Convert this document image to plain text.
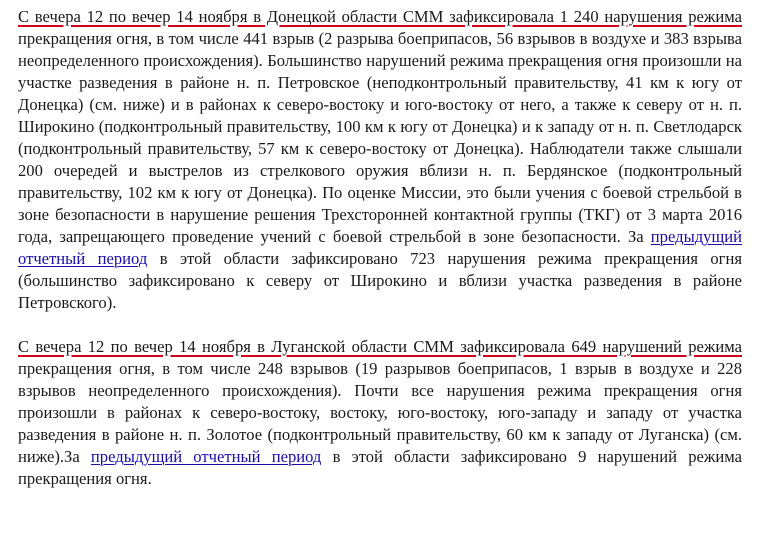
С вечера 12 по вечер 14 ноября в Донецкой области СММ зафиксировала 1 240 нарушения режима прекращения огня, в том числе 441 взрыв (2 разрыва боеприпасов, 56 взрывов в воздухе и 383 взрыва неопределенного происхождения). Большинство нарушений режима прекращения огня произошли на участке разведения в районе н. п. Петровское (неподконтрольный правительству, 41 км к югу от Донецка) (см. ниже) и в районах к северо-востоку и юго-востоку от него, а также к северу от н. п. Широкино (подконтрольный правительству, 100 км к югу от Донецка) и к западу от н. п. Светлодарск (подконтрольный правительству, 57 км к северо-востоку от Донецка). Наблюдатели также слышали 200 очередей и выстрелов из стрелкового оружия вблизи н. п. Бердянское (подконтрольный правительству, 102 км к югу от Донецка). По оценке Миссии, это были учения с боевой стрельбой в зоне безопасности в нарушение решения Трехсторонней контактной группы (ТКГ) от 3 марта 2016 года, запрещающего проведение учений с боевой стрельбой в зоне безопасности. За предыдущий отчетный период в этой области зафиксировано 723 нарушения режима прекращения огня (большинство зафиксировано к северу от Широкино и вблизи участка разведения в районе Петровского).

С вечера 12 по вечер 14 ноября в Луганской области СММ зафиксировала 649 нарушений режима прекращения огня, в том числе 248 взрывов (19 разрывов боеприпасов, 1 взрыв в воздухе и 228 взрывов неопределенного происхождения). Почти все нарушения режима прекращения огня произошли в районах к северо-востоку, востоку, юго-востоку, юго-западу и западу от участка разведения в районе н. п. Золотое (подконтрольный правительству, 60 км к западу от Луганска) (см. ниже).За предыдущий отчетный период в этой области зафиксировано 9 нарушений режима прекращения огня.
